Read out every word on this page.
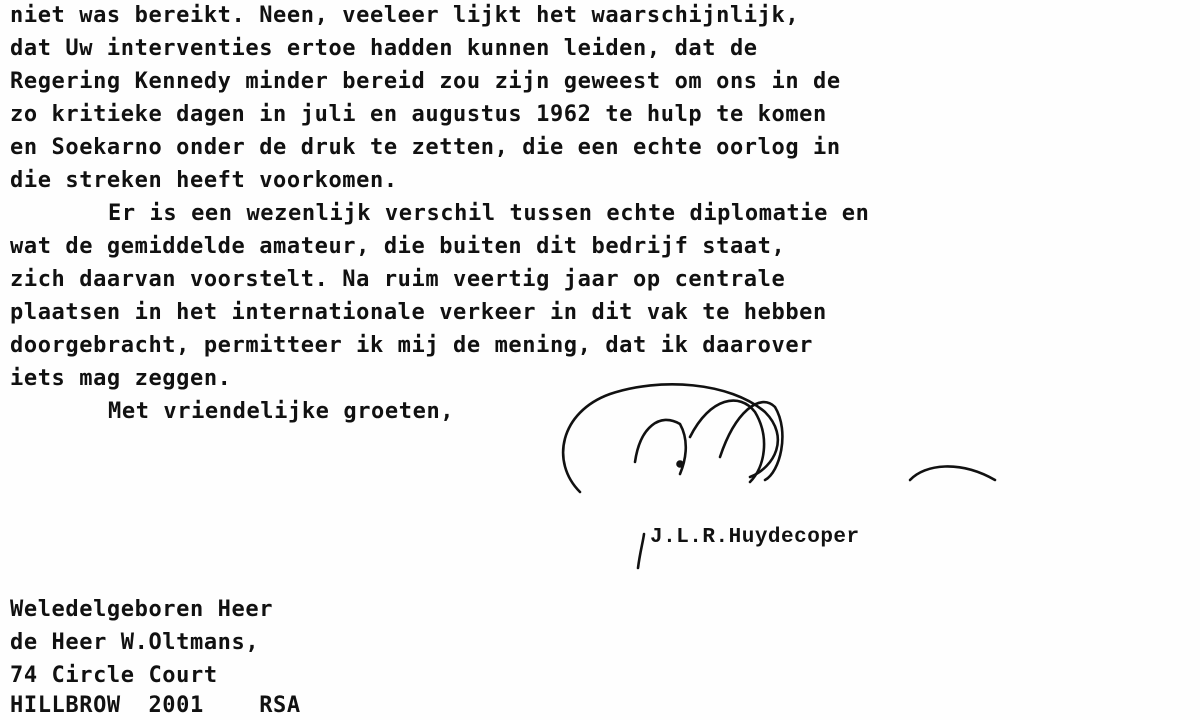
niet was bereikt. Neen, veeleer lijkt het waarschijnlijk,
dat Uw interventies ertoe hadden kunnen leiden, dat de
Regering Kennedy minder bereid zou zijn geweest om ons in de
zo kritieke dagen in juli en augustus 1962 te hulp te komen
en Soekarno onder de druk te zetten, die een echte oorlog in
die streken heeft voorkomen.
Er is een wezenlijk verschil tussen echte diplomatie en
wat de gemiddelde amateur, die buiten dit bedrijf staat,
zich daarvan voorstelt. Na ruim veertig jaar op centrale
plaatsen in het internationale verkeer in dit vak te hebben
doorgebracht, permitteer ik mij de mening, dat ik daarover
iets mag zeggen.
Met vriendelijke groeten,
J.L.R.Huydecoper
Weledelgeboren Heer
de Heer W.Oltmans,
74 Circle Court
HILLBROW  2001    RSA
